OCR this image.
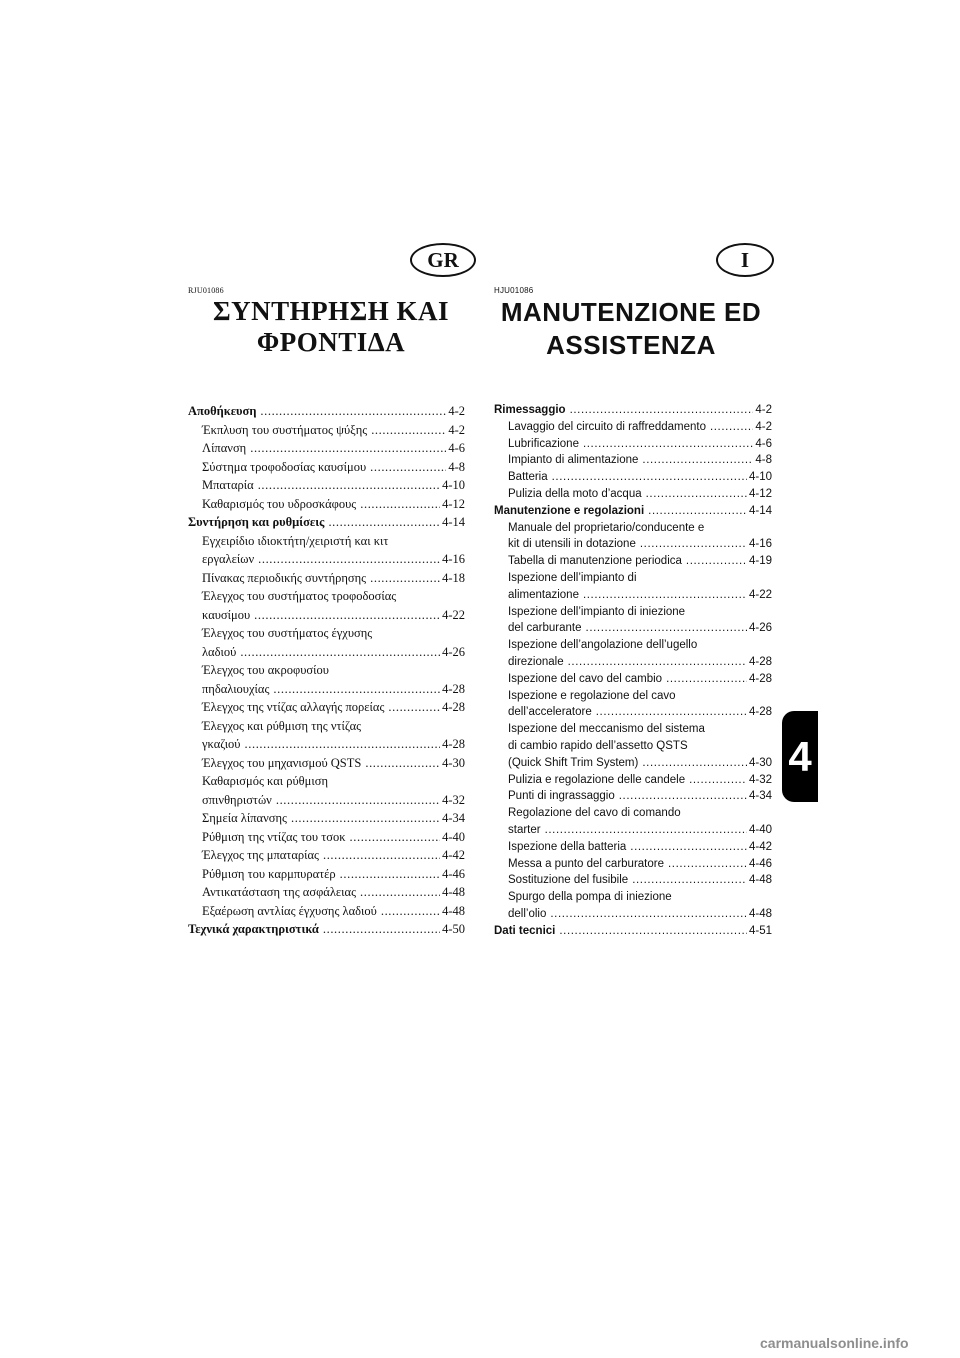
GR	I
RJU01086	HJU01086
ΣΥΝΤΗΡΗΣΗ ΚΑΙ
ΦΡΟΝΤΙΔΑ
MANUTENZIONE ED
ASSISTENZA
Αποθήκευση .....	4-2
Έκπλυση του συστήματος ψύξης .....	4-2
Λίπανση .....	4-6
Σύστημα τροφοδοσίας καυσίμου .....	4-8
Μπαταρία .....	4-10
Καθαρισμός του υδροσκάφους .....	4-12
Συντήρηση και ρυθμίσεις .....	4-14
Εγχειρίδιο ιδιοκτήτη/χειριστή και κιτ
εργαλείων .....	4-16
Πίνακας περιοδικής συντήρησης .....	4-18
Έλεγχος του συστήματος τροφοδοσίας
καυσίμου .....	4-22
Έλεγχος του συστήματος έγχυσης
λαδιού .....	4-26
Έλεγχος του ακροφυσίου
πηδαλιουχίας .....	4-28
Έλεγχος της ντίζας αλλαγής πορείας .....	4-28
Έλεγχος και ρύθμιση της ντίζας
γκαζιού .....	4-28
Έλεγχος του μηχανισμού QSTS .....	4-30
Καθαρισμός και ρύθμιση
σπινθηριστών .....	4-32
Σημεία λίπανσης .....	4-34
Ρύθμιση της ντίζας του τσοκ .....	4-40
Έλεγχος της μπαταρίας .....	4-42
Ρύθμιση του καρμπυρατέρ .....	4-46
Αντικατάσταση της ασφάλειας .....	4-48
Εξαέρωση αντλίας έγχυσης λαδιού .....	4-48
Τεχνικά χαρακτηριστικά .....	4-50
Rimessaggio .....	4-2
Lavaggio del circuito di raffreddamento .....	4-2
Lubrificazione .....	4-6
Impianto di alimentazione .....	4-8
Batteria .....	4-10
Pulizia della moto d’acqua .....	4-12
Manutenzione e regolazioni .....	4-14
Manuale del proprietario/conducente e
kit di utensili in dotazione .....	4-16
Tabella di manutenzione periodica .....	4-19
Ispezione dell’impianto di
alimentazione .....	4-22
Ispezione dell’impianto di iniezione
del carburante .....	4-26
Ispezione dell’angolazione dell’ugello
direzionale .....	4-28
Ispezione del cavo del cambio .....	4-28
Ispezione e regolazione del cavo
dell’acceleratore .....	4-28
Ispezione del meccanismo del sistema
di cambio rapido dell’assetto QSTS
(Quick Shift Trim System) .....	4-30
Pulizia e regolazione delle candele .....	4-32
Punti di ingrassaggio .....	4-34
Regolazione del cavo di comando
starter .....	4-40
Ispezione della batteria .....	4-42
Messa a punto del carburatore .....	4-46
Sostituzione del fusibile .....	4-48
Spurgo della pompa di iniezione
dell’olio .....	4-48
Dati tecnici .....	4-51
4
carmanualsonline.info
